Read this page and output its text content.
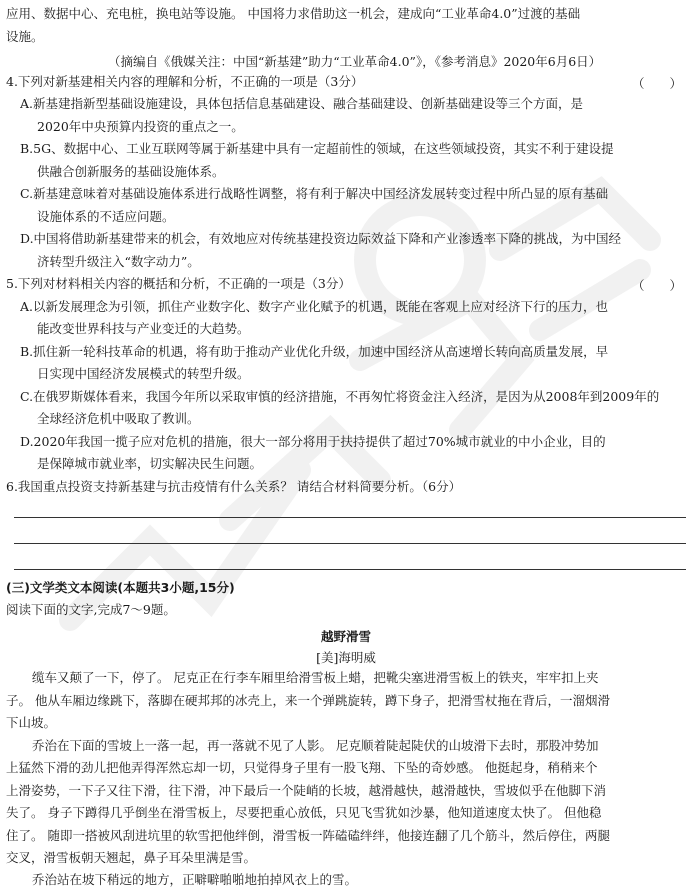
应用、数据中心、充电桩，换电站等设施。 中国将力求借助这一机会，建成向“工业革命4.0”过渡的基础
设施。
（摘编自《俄媒关注：中国“新基建”助力“工业革命4.0”》，《参考消息》2020年6月6日）
4.下列对新基建相关内容的理解和分析，不正确的一项是（3分）	（　　）
A.新基建指新型基础设施建设，具体包括信息基础建设、融合基础建设、创新基础建设等三个方面，是
2020年中央预算内投资的重点之一。
B.5G、数据中心、工业互联网等属于新基建中具有一定超前性的领域，在这些领域投资，其实不利于建设提
供融合创新服务的基础设施体系。
C.新基建意味着对基础设施体系进行战略性调整，将有利于解决中国经济发展转变过程中所凸显的原有基础
设施体系的不适应问题。
D.中国将借助新基建带来的机会，有效地应对传统基建投资边际效益下降和产业渗透率下降的挑战，为中国经
济转型升级注入“数字动力”。
5.下列对材料相关内容的概括和分析，不正确的一项是（3分）	（　　）
A.以新发展理念为引领，抓住产业数字化、数字产业化赋予的机遇，既能在客观上应对经济下行的压力，也
能改变世界科技与产业变迁的大趋势。
B.抓住新一轮科技革命的机遇，将有助于推动产业优化升级，加速中国经济从高速增长转向高质量发展，早
日实现中国经济发展模式的转型升级。
C.在俄罗斯媒体看来，我国今年所以采取审慎的经济措施，不再匆忙将资金注入经济，是因为从2008年到2009年的
全球经济危机中吸取了教训。
D.2020年我国一揽子应对危机的措施，很大一部分将用于扶持提供了超过70%城市就业的中小企业，目的
是保障城市就业率，切实解决民生问题。
6.我国重点投资支持新基建与抗击疫情有什么关系？ 请结合材料简要分析。（6分）
(三)文学类文本阅读(本题共3小题,15分)
阅读下面的文字,完成7～9题。
越野滑雪
[美]海明威
缆车又颠了一下，停了。 尼克正在行李车厢里给滑雪板上蜡，把靴尖塞进滑雪板上的铁夹，牢牢扣上夹
子。 他从车厢边缘跳下，落脚在硬邦邦的冰壳上，来一个弹跳旋转，蹲下身子，把滑雪杖拖在背后，一溜烟滑
下山坡。
乔治在下面的雪坡上一落一起，再一落就不见了人影。 尼克顺着陡起陡伏的山坡滑下去时，那股冲势加
上猛然下滑的劲儿把他弄得浑然忘却一切，只觉得身子里有一股飞翔、下坠的奇妙感。 他挺起身，稍稍来个
上滑姿势，一下子又往下滑，往下滑，冲下最后一个陡峭的长坡，越滑越快，越滑越快，雪坡似乎在他脚下消
失了。 身子下蹲得几乎倒坐在滑雪板上，尽要把重心放低，只见飞雪犹如沙暴，他知道速度太快了。 但他稳
住了。 随即一搭被风刮进坑里的软雪把他绊倒，滑雪板一阵磕磕绊绊，他接连翻了几个筋斗，然后停住，两腿
交叉，滑雪板朝天翘起，鼻子耳朵里满是雪。
乔治站在坡下稍远的地方，正噼噼啪啪地拍掉风衣上的雪。
